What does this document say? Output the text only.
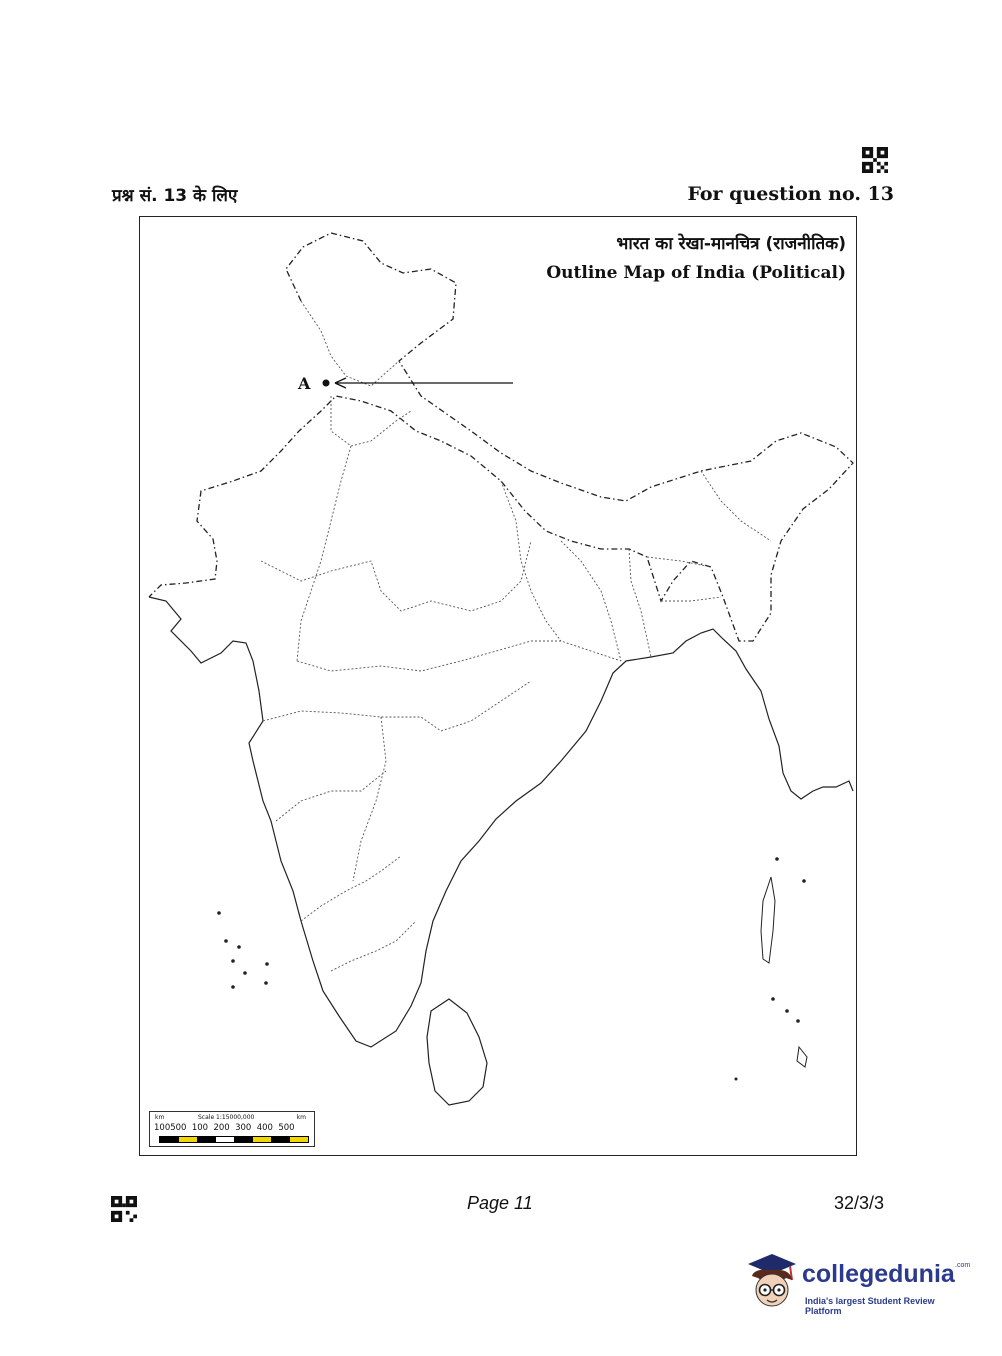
प्रश्न सं. 13 के लिए	For question no. 13
भारत का रेखा-मानचित्र (राजनीतिक)
Outline Map of India (Political)
A
km	Scale 1:15000,000	km
100500  100  200  300  400  500
Page 11	32/3/3
collegedunia .com
India's largest Student Review Platform
